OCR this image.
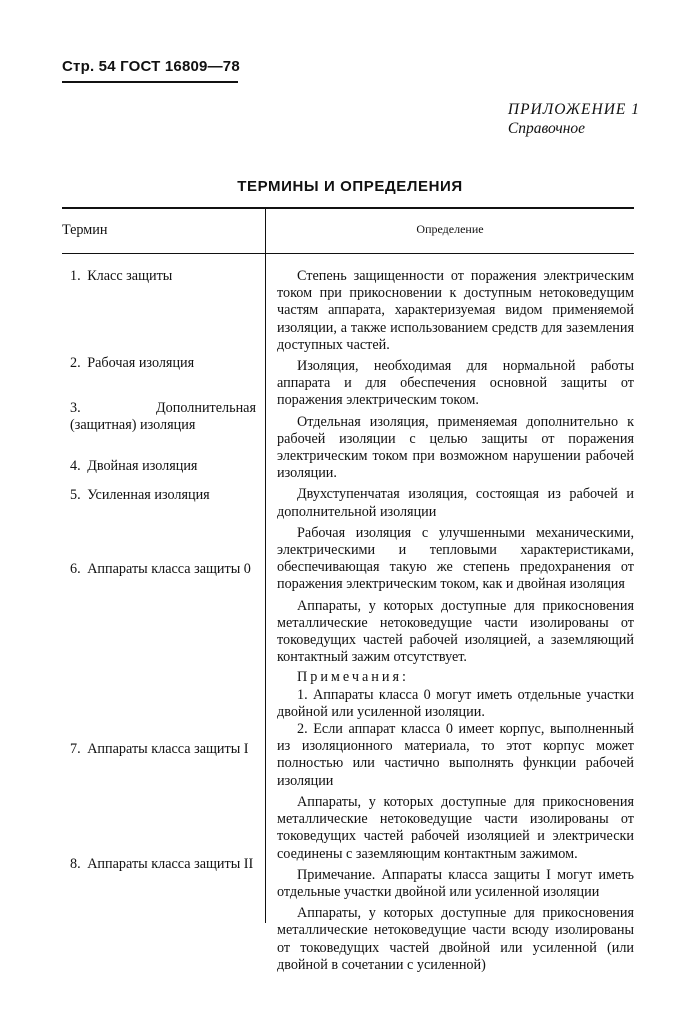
Стр. 54 ГОСТ 16809—78
ПРИЛОЖЕНИЕ 1
Справочное
ТЕРМИНЫ И ОПРЕДЕЛЕНИЯ
Термин	Определение
1. Класс защиты
2. Рабочая изоляция
3.	Дополнительная (защитная) изоляция
4. Двойная изоляция
5. Усиленная изоляция
6. Аппараты класса защиты 0
7. Аппараты класса защиты I
8. Аппараты класса защиты II

Степень защищенности от поражения электрическим током при прикосновении к доступным нетоковедущим частям аппарата, характеризуемая видом применяемой изоляции, а также использованием средств для заземления доступных частей.

Изоляция, необходимая для нормальной работы аппарата и для обеспечения основной защиты от поражения электрическим током.

Отдельная изоляция, применяемая дополнительно к рабочей изоляции с целью защиты от поражения электрическим током при возможном нарушении рабочей изоляции.

Двухступенчатая изоляция, состоящая из рабочей и дополнительной изоляции

Рабочая изоляция с улучшенными механическими, электрическими и тепловыми характеристиками, обеспечивающая такую же степень предохранения от поражения электрическим током, как и двойная изоляция

Аппараты, у которых доступные для прикосновения металлические нетоковедущие части изолированы от токоведущих частей рабочей изоляцией, а заземляющий контактный зажим отсутствует.

Примечания:

1. Аппараты класса 0 могут иметь отдельные участки двойной или усиленной изоляции.

2. Если аппарат класса 0 имеет корпус, выполненный из изоляционного материала, то этот корпус может полностью или частично выполнять функции рабочей изоляции

Аппараты, у которых доступные для прикосновения металлические нетоковедущие части изолированы от токоведущих частей рабочей изоляцией и электрически соединены с заземляющим контактным зажимом.

Примечание. Аппараты класса защиты I могут иметь отдельные участки двойной или усиленной изоляции

Аппараты, у которых доступные для прикосновения металлические нетоковедущие части всюду изолированы от токоведущих частей двойной или усиленной (или двойной в сочетании с усиленной)
